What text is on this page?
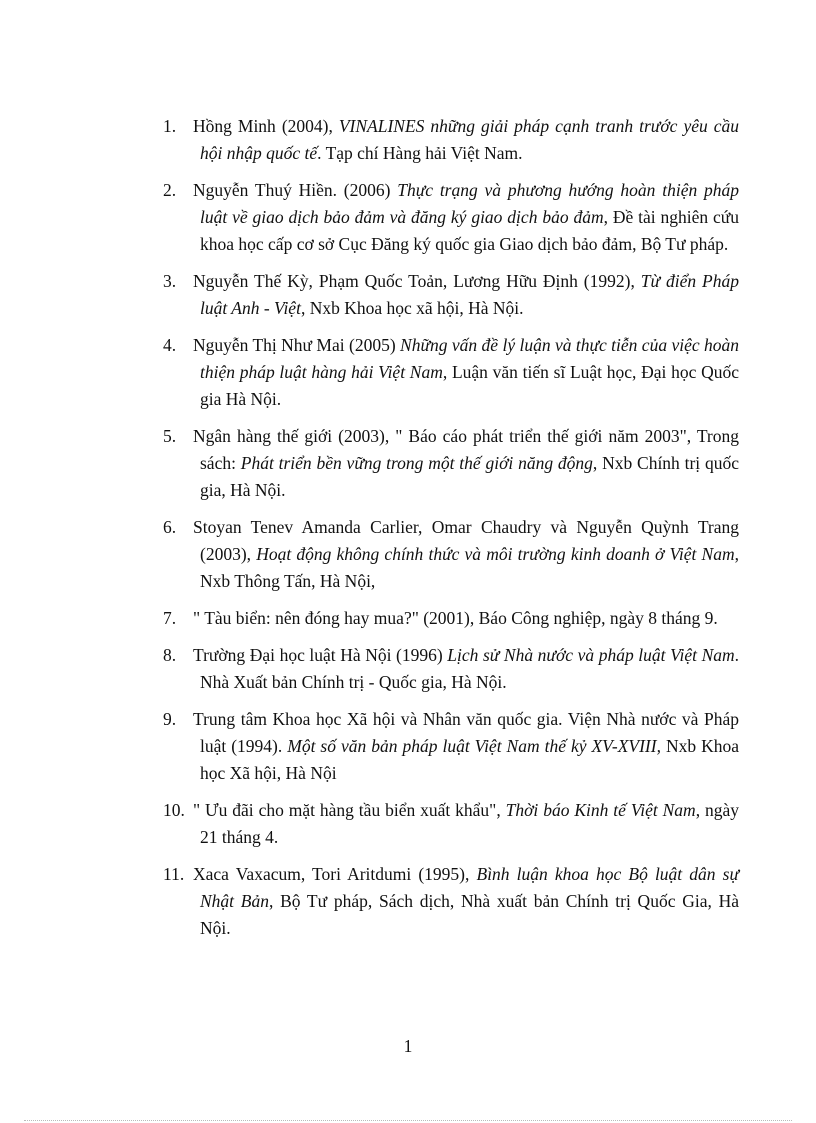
1. Hồng Minh (2004), VINALINES những giải pháp cạnh tranh trước yêu cầu hội nhập quốc tế. Tạp chí Hàng hải Việt Nam.
2. Nguyễn Thuý Hiền. (2006) Thực trạng và phương hướng hoàn thiện pháp luật về giao dịch bảo đảm và đăng ký giao dịch bảo đảm, Đề tài nghiên cứu khoa học cấp cơ sở Cục Đăng ký quốc gia Giao dịch bảo đảm, Bộ Tư pháp.
3. Nguyễn Thế Kỳ, Phạm Quốc Toản, Lương Hữu Định (1992), Từ điển Pháp luật Anh - Việt, Nxb Khoa học xã hội, Hà Nội.
4. Nguyễn Thị Như Mai (2005) Những vấn đề lý luận và thực tiễn của việc hoàn thiện pháp luật hàng hải Việt Nam, Luận văn tiến sĩ Luật học, Đại học Quốc gia Hà Nội.
5. Ngân hàng thế giới (2003), " Báo cáo phát triển thế giới năm 2003", Trong sách: Phát triển bền vững trong một thế giới năng động, Nxb Chính trị quốc gia, Hà Nội.
6. Stoyan Tenev Amanda Carlier, Omar Chaudry và Nguyễn Quỳnh Trang (2003), Hoạt động không chính thức và môi trường kinh doanh ở Việt Nam, Nxb Thông Tấn, Hà Nội,
7. " Tàu biển: nên đóng hay mua?" (2001), Báo Công nghiệp, ngày 8 tháng 9.
8. Trường Đại học luật Hà Nội (1996) Lịch sử Nhà nước và pháp luật Việt Nam. Nhà Xuất bản Chính trị - Quốc gia, Hà Nội.
9. Trung tâm Khoa học Xã hội và Nhân văn quốc gia. Viện Nhà nước và Pháp luật (1994). Một số văn bản pháp luật Việt Nam thế kỷ XV-XVIII, Nxb Khoa học Xã hội, Hà Nội
10. " Ưu đãi cho mặt hàng tầu biển xuất khẩu", Thời báo Kinh tế Việt Nam, ngày 21 tháng 4.
11. Xaca Vaxacum, Tori Aritdumi (1995), Bình luận khoa học Bộ luật dân sự Nhật Bản, Bộ Tư pháp, Sách dịch, Nhà xuất bản Chính trị Quốc Gia, Hà Nội.
1
